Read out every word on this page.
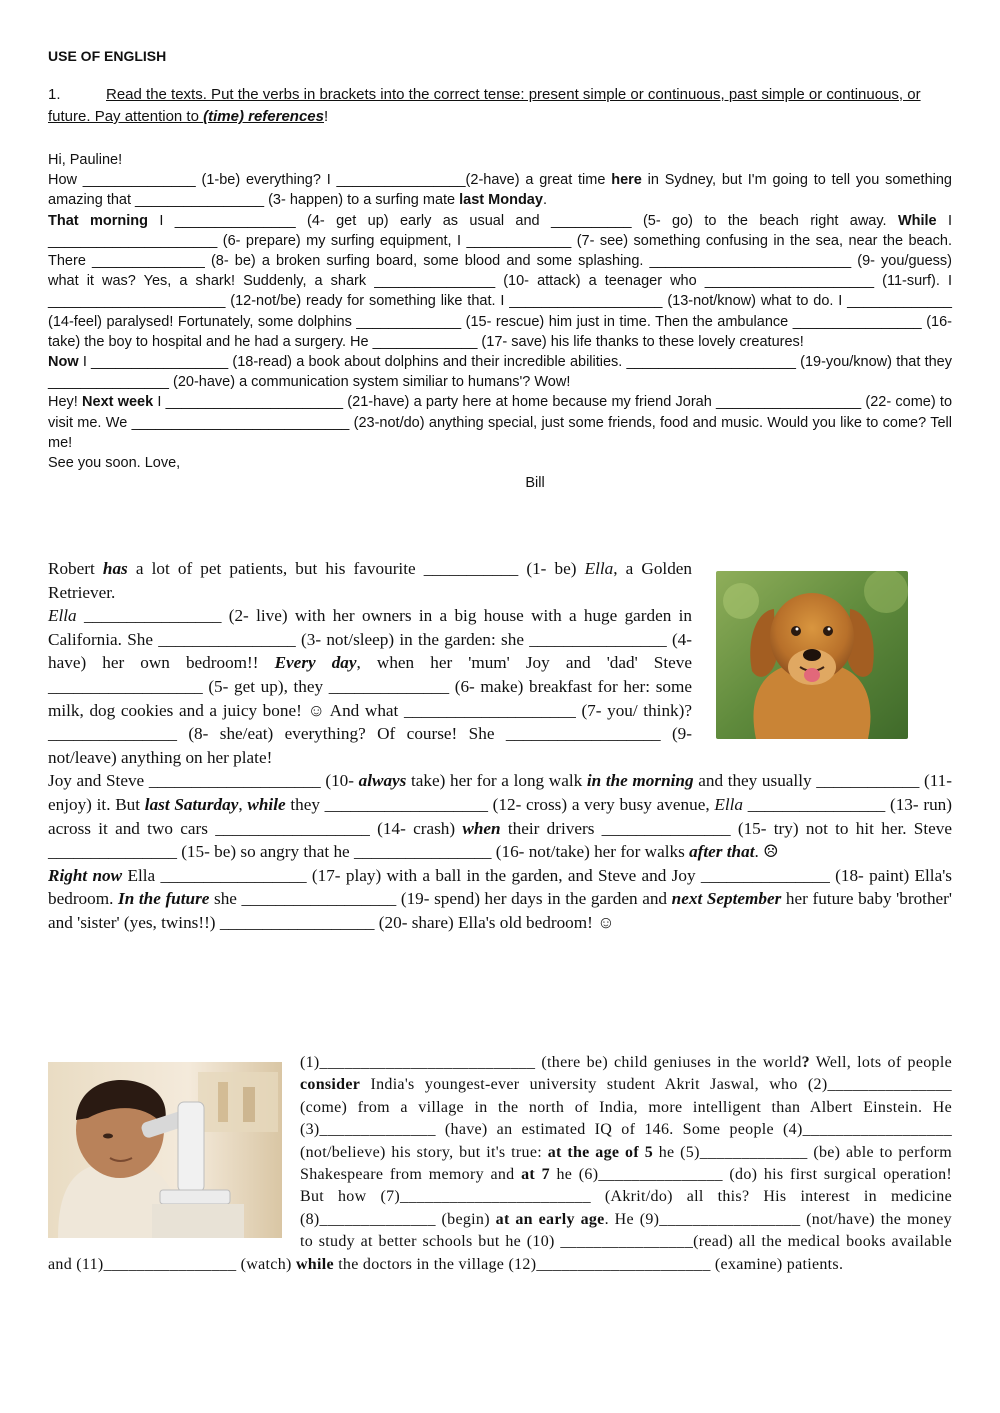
USE OF ENGLISH
1.	Read the texts. Put the verbs in brackets into the correct tense: present simple or continuous, past simple or continuous, or future. Pay attention to (time) references!

Hi, Pauline!

How ______________ (1-be) everything? I ________________(2-have) a great time here in Sydney, but I'm going to tell you something amazing that ________________ (3- happen) to a surfing mate last Monday.

That morning I _______________ (4- get up) early as usual and __________ (5- go) to the beach right away. While I _____________________ (6- prepare) my surfing equipment, I _____________ (7- see) something confusing in the sea, near the beach. There ______________ (8- be) a broken surfing board, some blood and some splashing. _________________________ (9- you/guess) what it was? Yes, a shark! Suddenly, a shark _______________ (10- attack) a teenager who _____________________ (11-surf). I ______________________ (12-not/be) ready for something like that. I ___________________ (13-not/know) what to do. I _____________ (14-feel) paralysed! Fortunately, some dolphins _____________ (15- rescue) him just in time. Then the ambulance ________________ (16- take) the boy to hospital and he had a surgery. He _____________ (17- save) his life thanks to these lovely creatures!

Now I _________________ (18-read) a book about dolphins and their incredible abilities. _____________________ (19-you/know) that they _______________ (20-have) a communication system similiar to humans'? Wow!

Hey! Next week I ______________________ (21-have) a party here at home because my friend Jorah __________________ (22- come) to visit me. We ___________________________ (23-not/do) anything special, just some friends, food and music. Would you like to come? Tell me!

See you soon. Love,

Bill

Robert has a lot of pet patients, but his favourite ___________ (1- be) Ella, a Golden Retriever.

Ella ________________ (2- live) with her owners in a big house with a huge garden in California. She ________________ (3- not/sleep) in the garden: she ________________ (4- have) her own bedroom!! Every day, when her 'mum' Joy and 'dad' Steve __________________ (5- get up), they ______________ (6- make) breakfast for her: some milk, dog cookies and a juicy bone! ☺ And what ____________________ (7- you/ think)? _______________ (8- she/eat) everything? Of course! She __________________ (9- not/leave) anything on her plate!

Joy and Steve ____________________ (10- always take) her for a long walk in the morning and they usually ____________ (11- enjoy) it. But last Saturday, while they ___________________ (12- cross) a very busy avenue, Ella ________________ (13- run) across it and two cars __________________ (14- crash) when their drivers _______________ (15- try) not to hit her. Steve _______________ (15- be) so angry that he ________________ (16- not/take) her for walks after that. ☹

Right now Ella _________________ (17- play) with a ball in the garden, and Steve and Joy _______________ (18- paint) Ella's bedroom. In the future she __________________ (19- spend) her days in the garden and next September her future baby 'brother' and 'sister' (yes, twins!!) __________________ (20- share) Ella's old bedroom! ☺

(1)__________________________ (there be) child geniuses in the world? Well, lots of people consider India's youngest-ever university student Akrit Jaswal, who (2)_______________ (come) from a village in the north of India, more intelligent than Albert Einstein. He (3)______________ (have) an estimated IQ of 146. Some people (4)__________________ (not/believe) his story, but it's true: at the age of 5 he (5)_____________ (be) able to perform Shakespeare from memory and at 7 he (6)_______________ (do) his first surgical operation! But how (7)_______________________ (Akrit/do) all this? His interest in medicine (8)______________ (begin) at an early age. He (9)_________________ (not/have) the money to study at better schools but he (10) ________________(read) all the medical books available and (11)________________ (watch) while the doctors in the village (12)_____________________ (examine) patients.
